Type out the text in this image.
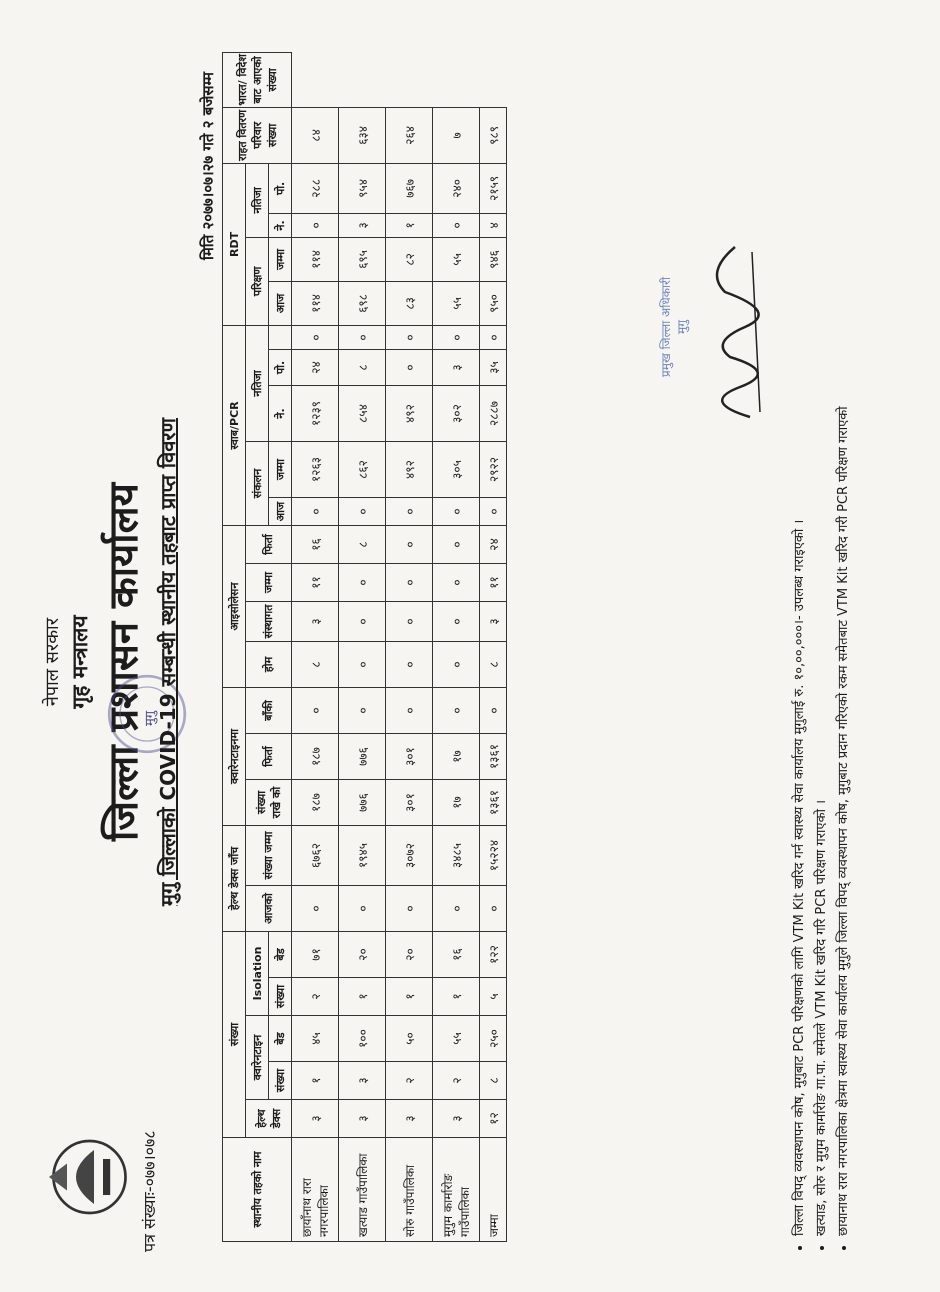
नेपाल सरकार गृह मन्त्रालय जिल्ला प्रशासन कार्यालय
मुगु
पत्र संख्याः-०७७।०७८
मुगु जिल्लाको COVID-19 सम्बन्धी स्थानीय तहबाट प्राप्त विवरण
मिति २०७७।०७।२७ गते २ बजेसम्म
स्थानीय तहको नाम	संख्या					हेल्थ डेक्स जाँच		क्वारेनटाइनमा			आइसोलेसन				स्वाब/PCR					RDT				राहत वितरण परिवार संख्या	भारत/ विदेश बाट आएको संख्या
	हेल्थ डेक्स	क्वारेनटाइन		Isolation		आजको	संख्या जम्मा	संख्या राखे को	फिर्ता	बाँकी	होम	संस्थागत	जम्मा	फिर्ता	संकलन		नतिजा			परिक्षण		नतिजा			
		संख्या	बेड	संख्या	बेड										आज	जम्मा	ने.	पो.		आज	जम्मा	ने.	पो.		
छायाँनाथ रारा नगरपालिका	३	१	४५	२	७१	०	६७६२	१८७	१८७	०	८	३	११	१६	०	१२६३	१२३९	२४	०	११४	११४	०	२८८	८४	
खत्याड गाउँपालिका	३	३	१००	१	२०	०	१९४५	७७६	७७६	०	०	०	०	८	०	८६२	८५४	८	०	६९८	६९५	३	९५४	६३४	
सोरु गाउँपालिका	३	२	५०	१	२०	०	३०७२	३०१	३०१	०	०	०	०	०	०	४९२	४९२	०	०	८३	८२	१	७६७	२६४	
मुगुम कार्मारोङ गाउँपालिका	३	२	५५	१	१६	०	३४८५	१७	१७	०	०	०	०	०	०	३०५	३०२	३	०	५५	५५	०	२४०	७	
जम्मा	१२	८	२५०	५	१२२	०	१५२२४	१३६१	१३६१	०	८	३	११	२४	०	२९२२	२८८७	३५	०	९५०	९४६	४	२१५९	९८९	
प्रमुख जिल्ला अधिकारी मुगु
• जिल्ला विपद् व्यवस्थापन कोष, मुगुबाट PCR परिक्षणको लागि VTM Kit खरिद गर्न स्वास्थ्य सेवा कार्यालय मुगुलाई रु. १०,००,०००।- उपलब्ध गराइएको । • खत्याड, सोरु र मुगुम कार्मारोङ गा.पा. समेतले VTM Kit खरिद गरि PCR परिक्षण गराएको । • छायानाथ रारा नगरपालिका क्षेत्रमा स्वास्थ्य सेवा कार्यालय मुगुले जिल्ला विपद् व्यवस्थापन कोष, मुगुबाट प्रदान गरिएको रकम समेतबाट VTM Kit खरिद गरी PCR परिक्षण गराएको
